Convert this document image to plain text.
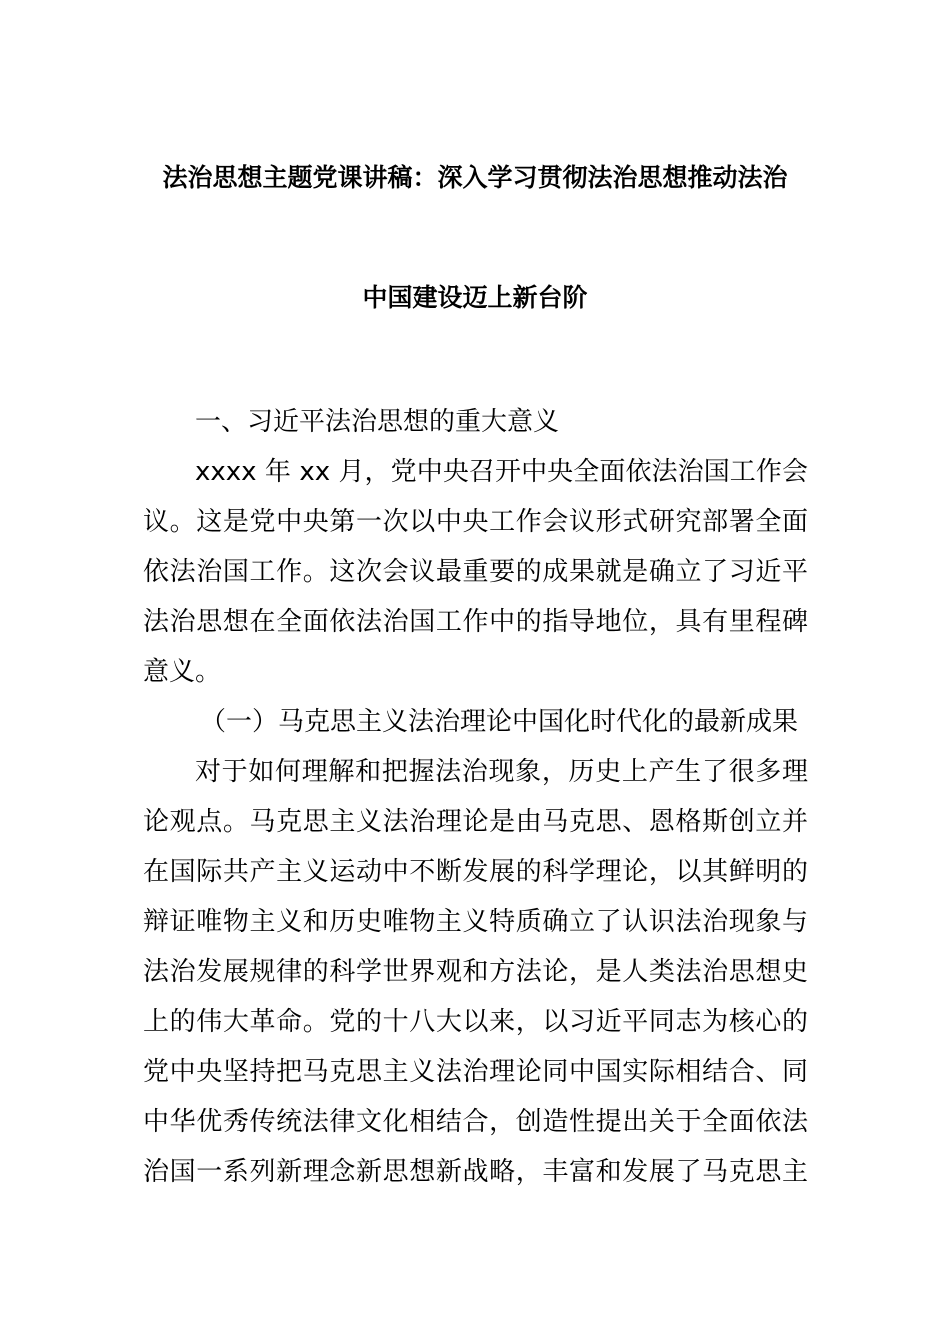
法治思想主题党课讲稿：深入学习贯彻法治思想推动法治
中国建设迈上新台阶
一、习近平法治思想的重大意义
xxxx 年 xx 月，党中央召开中央全面依法治国工作会
议。这是党中央第一次以中央工作会议形式研究部署全面
依法治国工作。这次会议最重要的成果就是确立了习近平
法治思想在全面依法治国工作中的指导地位，具有里程碑
意义。
（一）马克思主义法治理论中国化时代化的最新成果
对于如何理解和把握法治现象，历史上产生了很多理
论观点。马克思主义法治理论是由马克思、恩格斯创立并
在国际共产主义运动中不断发展的科学理论，以其鲜明的
辩证唯物主义和历史唯物主义特质确立了认识法治现象与
法治发展规律的科学世界观和方法论，是人类法治思想史
上的伟大革命。党的十八大以来，以习近平同志为核心的
党中央坚持把马克思主义法治理论同中国实际相结合、同
中华优秀传统法律文化相结合，创造性提出关于全面依法
治国一系列新理念新思想新战略，丰富和发展了马克思主
